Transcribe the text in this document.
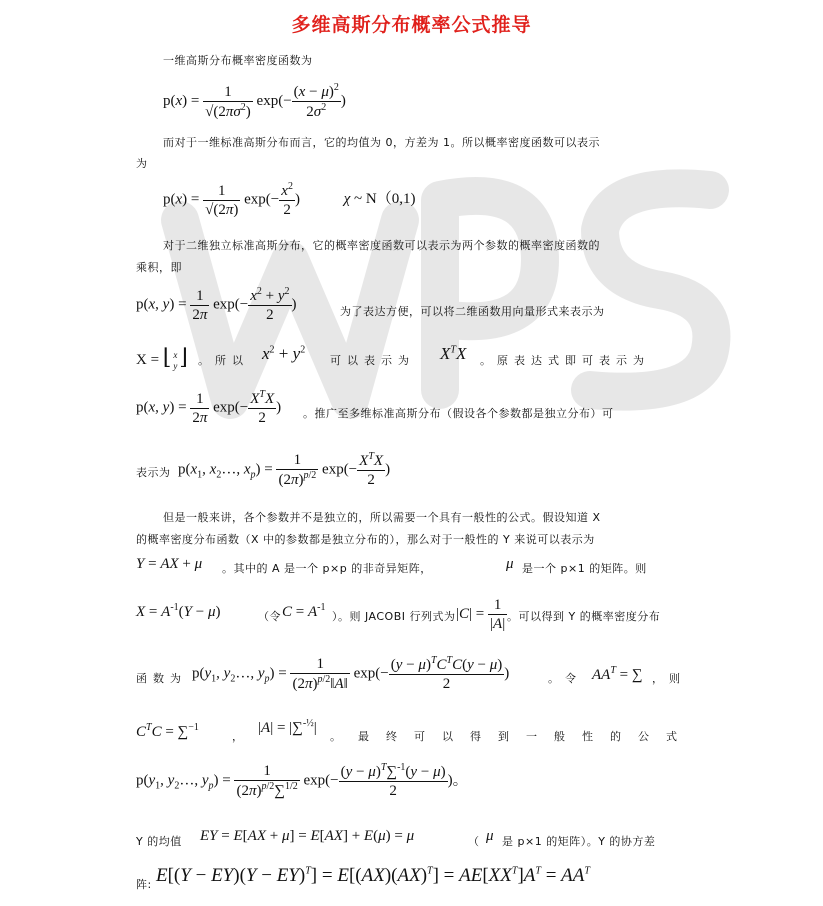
多维高斯分布概率公式推导
一维高斯分布概率密度函数为
$p(x) = \frac{1}{√(2\pi\sigma^2)} \exp(- \frac{(x - \mu)^2}{2\sigma^2}$ )
而对于一维标准高斯分布而言，它的均值为 0，方差为 1。所以概率密度函数可以表示
为
$p(x) = \frac{1}{√(2\pi)} \exp(- \frac{x^2}{2}$ )	χ ~ N（0,1)
对于二维独立标准高斯分布，它的概率密度函数可以表示为两个参数的概率密度函数的
乘积，即
p(x, $y) = \frac{1}{2\pi} \exp(- \frac{x^2 + y^2}{2}$ )	为了表达方便，可以将二维函数用向量形式来表示为
X = ⌊ x
y ⌋ 。所以 $x^2 + y^2$
可以表示为 $X^TX$ 。原表达式即可表示为
p(x, $y) = \frac{1}{2\pi} \exp(- \frac{X^TX}{2}$ ) 。推广至多维标准高斯分布（假设各个参数都是独立分布）可
表示为 $p(x_1$, $x_2\dots$, $x_p) = \frac{1}{(2\pi)^{p/2}} \exp(- \frac{X^TX}{2}$ )
但是一般来讲，各个参数并不是独立的，所以需要一个具有一般性的公式。假设知道 X
的概率密度分布函数（X 中的参数都是独立分布的），那么对于一般性的 Y 来说可以表示为
Y = AX + μ 。其中的 A 是一个 p×p 的非奇异矩阵，	μ 是一个 p×1 的矩阵。则
$X = A^{-1}(Y - \mu)$	（令 $C = A^{-1}$
）。则 JACOBI 行列式为 $|C| = \frac{1}{|A|}$ 。可以得到 Y 的概率密度分布
函数为 $p(y_1$, $y_2\dots$, $y_p) = \frac{1}{(2\pi)^{p/2}‖A‖} \exp(- \frac{(y - \mu)^TC^TC(y - \mu)}{2}$ )	。令 $AA^T$ = ∑ ，则
$C^TC = \sum^{-1}$
，
|A| = |∑$^{-\frac{1}{2}}$|
。最终可以得到一般性的公式
$p(y_1$, $y_2\dots$, $y_p) = \frac{1}{(2\pi)^{p/2}\sum^{1/2}} \exp(- \frac{(y - \mu)^T\sum^{-1}(y - \mu)}{2}$ )。
Y 的均值 EY = E[AX + μ] = E[AX] + E(μ) = μ	（ μ 是 p×1 的矩阵）。Y 的协方差
阵: $E[(Y - EY)(Y - EY)^T] = E[(AX)(AX)^T] = AE[XX^T]A^T = AA^T$
